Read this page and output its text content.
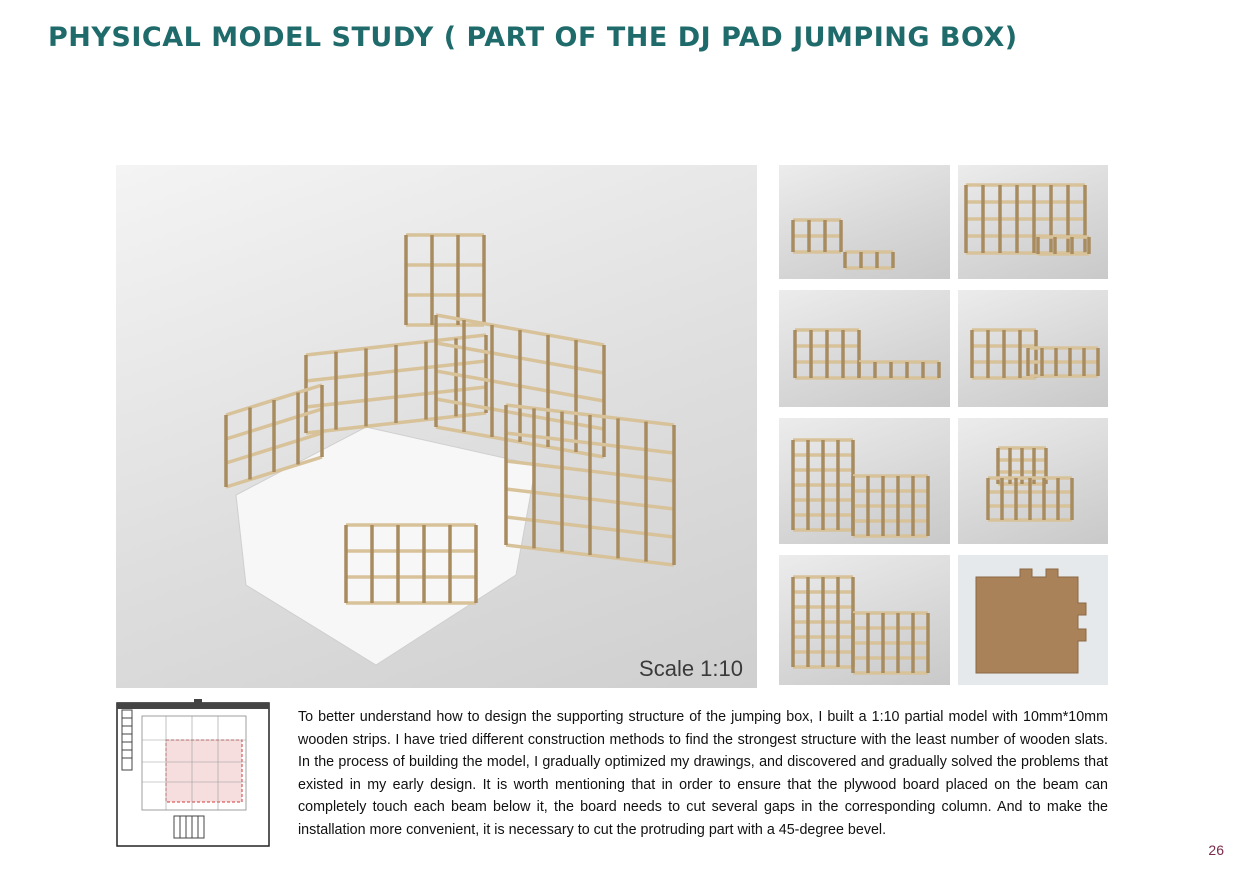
PHYSICAL MODEL STUDY ( PART OF THE DJ PAD JUMPING BOX)
Scale 1:10

To better understand how to design the supporting structure of the jumping box, I built a 1:10 partial model with 10mm*10mm wooden strips. I have tried different construction methods to find the strongest structure with the least number of wooden slats. In the process of building the model, I gradually optimized my drawings, and discovered and gradually solved the problems that existed in my early design. It is worth mentioning that in order to ensure that the plywood board placed on the beam can completely touch each beam below it, the board needs to cut several gaps in the corresponding column. And to make the installation more convenient, it is necessary to cut the protruding part with a 45-degree bevel.

26
